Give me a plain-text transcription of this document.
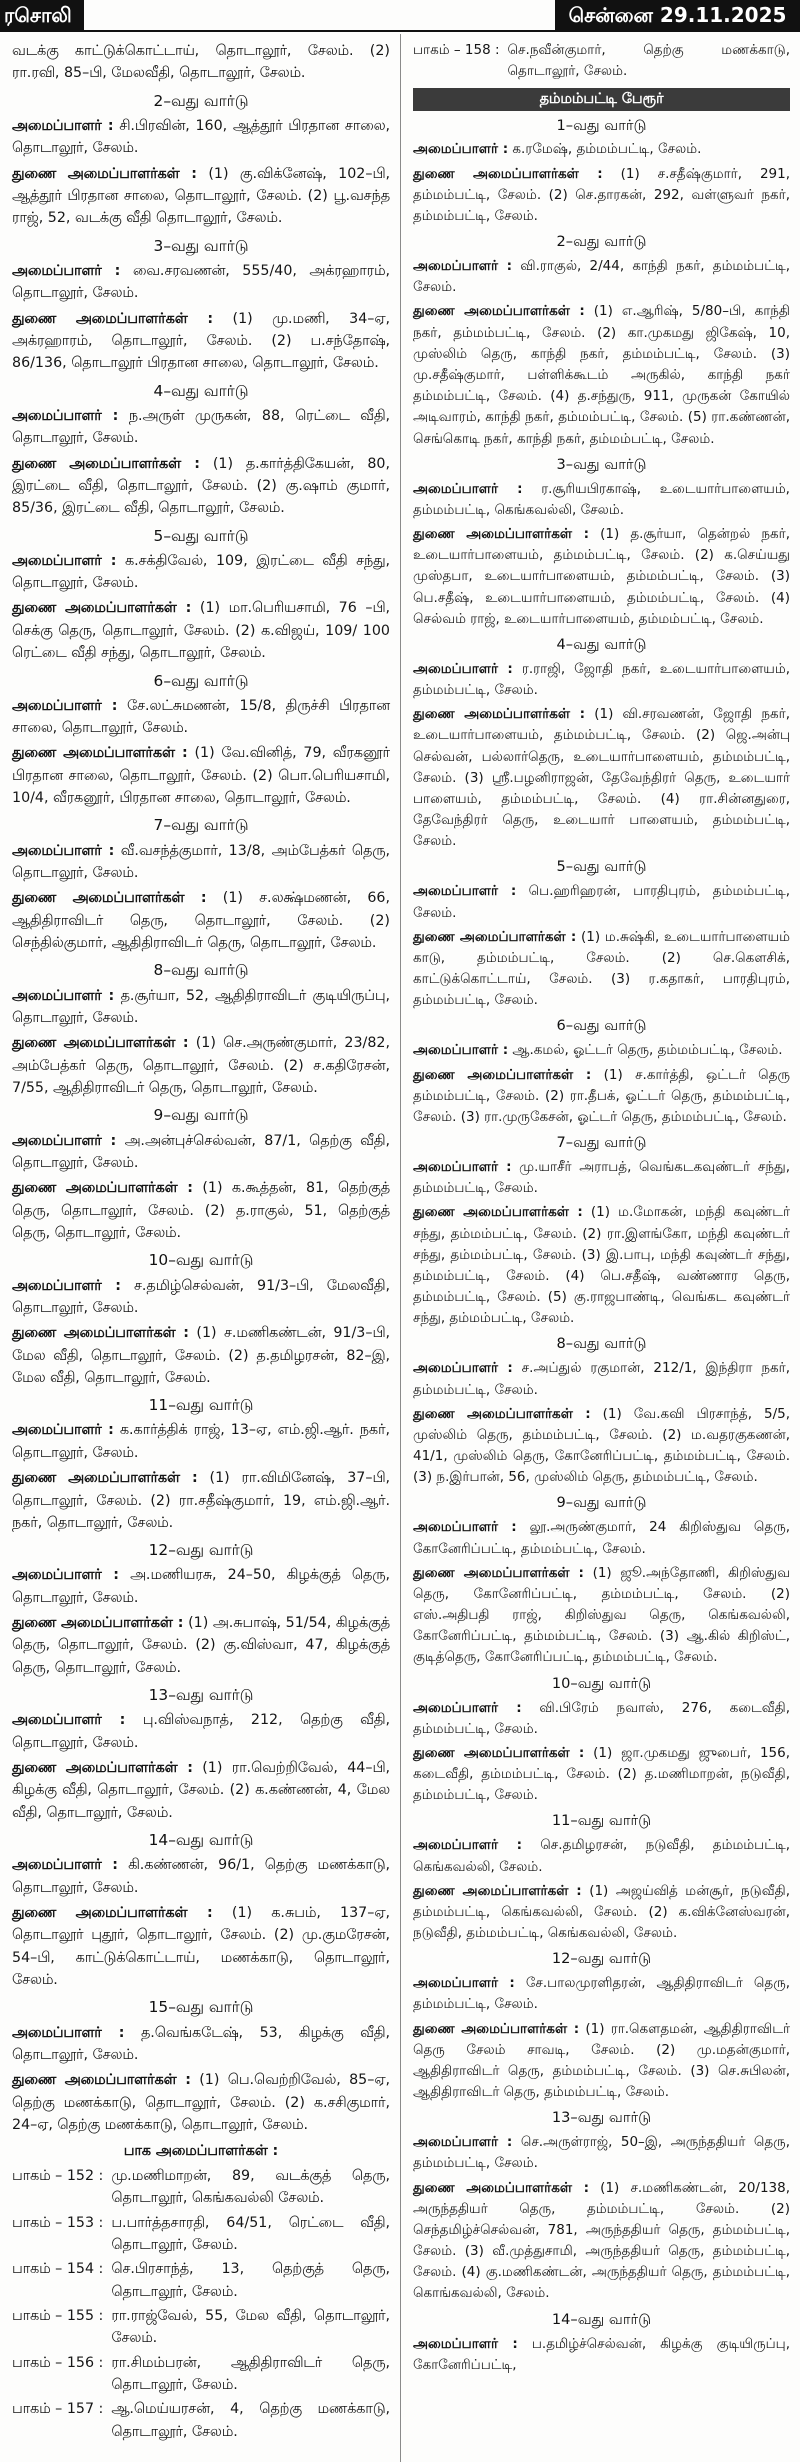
ரசொலி	சென்னை 29.11.2025

வடக்கு காட்டுக்கொட்டாய், தொடாலூர், சேலம். (2) ரா.ரவி, 85–பி, மேலவீதி, தொடாலூர், சேலம்.

2–வது வார்டு

அமைப்பாளர் : சி.பிரவின், 160, ஆத்தூர் பிரதான சாலை, தொடாலூர், சேலம்.

துணை அமைப்பாளர்கள் : (1) கு.விக்னேஷ், 102–பி, ஆத்தூர் பிரதான சாலை, தொடாலூர், சேலம். (2) பூ.வசந்த ராஜ், 52, வடக்கு வீதி தொடாலூர், சேலம்.

3–வது வார்டு

அமைப்பாளர் : வை.சரவணன், 555/40, அக்ரஹாரம், தொடாலூர், சேலம்.

துணை அமைப்பாளர்கள் : (1) மு.மணி, 34–ஏ, அக்ரஹாரம், தொடாலூர், சேலம். (2) ப.சந்தோஷ், 86/136, தொடாலூர் பிரதான சாலை, தொடாலூர், சேலம்.

4–வது வார்டு

அமைப்பாளர் : ந.அருள் முருகன், 88, ரெட்டை வீதி, தொடாலூர், சேலம்.

துணை அமைப்பாளர்கள் : (1) த.கார்த்திகேயன், 80, இரட்டை வீதி, தொடாலூர், சேலம். (2) கு.ஷாம் குமார், 85/36, இரட்டை வீதி, தொடாலூர், சேலம்.

5–வது வார்டு

அமைப்பாளர் : க.சக்திவேல், 109, இரட்டை வீதி சந்து, தொடாலூர், சேலம்.

துணை அமைப்பாளர்கள் : (1) மா.பெரியசாமி, 76 –பி, செக்கு தெரு, தொடாலூர், சேலம். (2) க.விஜய், 109/ 100 ரெட்டை வீதி சந்து, தொடாலூர், சேலம்.

6–வது வார்டு

அமைப்பாளர் : சே.லட்சுமணன், 15/8, திருச்சி பிரதான சாலை, தொடாலூர், சேலம்.

துணை அமைப்பாளர்கள் : (1) வே.வினித், 79, வீரகனூர் பிரதான சாலை, தொடாலூர், சேலம். (2) பொ.பெரியசாமி, 10/4, வீரகனூர், பிரதான சாலை, தொடாலூர், சேலம்.

7–வது வார்டு

அமைப்பாளர் : வீ.வசந்த்குமார், 13/8, அம்பேத்கர் தெரு, தொடாலூர், சேலம்.

துணை அமைப்பாளர்கள் : (1) ச.லக்ஷ்மணன், 66, ஆதிதிராவிடர் தெரு, தொடாலூர், சேலம். (2) செந்தில்குமார், ஆதிதிராவிடர் தெரு, தொடாலூர், சேலம்.

8–வது வார்டு

அமைப்பாளர் : த.சூர்யா, 52, ஆதிதிராவிடர் குடியிருப்பு, தொடாலூர், சேலம்.

துணை அமைப்பாளர்கள் : (1) செ.அருண்குமார், 23/82, அம்பேத்கர் தெரு, தொடாலூர், சேலம். (2) ச.கதிரேசன், 7/55, ஆதிதிராவிடர் தெரு, தொடாலூர், சேலம்.

9–வது வார்டு

அமைப்பாளர் : அ.அன்புச்செல்வன், 87/1, தெற்கு வீதி, தொடாலூர், சேலம்.

துணை அமைப்பாளர்கள் : (1) க.கூத்தன், 81, தெற்குத் தெரு, தொடாலூர், சேலம். (2) த.ராகுல், 51, தெற்குத் தெரு, தொடாலூர், சேலம்.

10–வது வார்டு

அமைப்பாளர் : ச.தமிழ்செல்வன், 91/3–பி, மேலவீதி, தொடாலூர், சேலம்.

துணை அமைப்பாளர்கள் : (1) ச.மணிகண்டன், 91/3–பி, மேல வீதி, தொடாலூர், சேலம். (2) த.தமிழரசன், 82–இ, மேல வீதி, தொடாலூர், சேலம்.

11–வது வார்டு

அமைப்பாளர் : க.கார்த்திக் ராஜ், 13–ஏ, எம்.ஜி.ஆர். நகர், தொடாலூர், சேலம்.

துணை அமைப்பாளர்கள் : (1) ரா.விமினேஷ், 37–பி, தொடாலூர், சேலம். (2) ரா.சதீஷ்குமார், 19, எம்.ஜி.ஆர். நகர், தொடாலூர், சேலம்.

12–வது வார்டு

அமைப்பாளர் : அ.மணியரசு, 24–50, கிழக்குத் தெரு, தொடாலூர், சேலம்.

துணை அமைப்பாளர்கள் : (1) அ.சுபாஷ், 51/54, கிழக்குத் தெரு, தொடாலூர், சேலம். (2) கு.விஸ்வா, 47, கிழக்குத் தெரு, தொடாலூர், சேலம்.

13–வது வார்டு

அமைப்பாளர் : பு.விஸ்வநாத், 212, தெற்கு வீதி, தொடாலூர், சேலம்.

துணை அமைப்பாளர்கள் : (1) ரா.வெற்றிவேல், 44–பி, கிழக்கு வீதி, தொடாலூர், சேலம். (2) க.கண்ணன், 4, மேல வீதி, தொடாலூர், சேலம்.

14–வது வார்டு

அமைப்பாளர் : கி.கண்ணன், 96/1, தெற்கு மணக்காடு, தொடாலூர், சேலம்.

துணை அமைப்பாளர்கள் : (1) க.சுபம், 137–ஏ, தொடாலூர் புதூர், தொடாலூர், சேலம். (2) மு.குமரேசன், 54–பி, காட்டுக்கொட்டாய், மணக்காடு, தொடாலூர், சேலம்.

15–வது வார்டு

அமைப்பாளர் : த.வெங்கடேஷ், 53, கிழக்கு வீதி, தொடாலூர், சேலம்.

துணை அமைப்பாளர்கள் : (1) பெ.வெற்றிவேல், 85–ஏ, தெற்கு மணக்காடு, தொடாலூர், சேலம். (2) க.சசிகுமார், 24–ஏ, தெற்கு மணக்காடு, தொடாலூர், சேலம்.

பாக அமைப்பாளர்கள் :
பாகம் – 152 : மு.மணிமாறன், 89, வடக்குத் தெரு, தொடாலூர், கெங்கவல்லி சேலம்.
பாகம் – 153 : ப.பார்த்தசாரதி, 64/51, ரெட்டை வீதி, தொடாலூர், சேலம்.
பாகம் – 154 : செ.பிரசாந்த், 13, தெற்குத் தெரு, தொடாலூர், சேலம்.
பாகம் – 155 : ரா.ராஜ்வேல், 55, மேல வீதி, தொடாலூர், சேலம்.
பாகம் – 156 : ரா.சிமம்பரன், ஆதிதிராவிடர் தெரு, தொடாலூர், சேலம்.
பாகம் – 157 : ஆ.மெய்யரசன், 4, தெற்கு மணக்காடு, தொடாலூர், சேலம்.
பாகம் – 158 : செ.நவீன்குமார், தெற்கு மணக்காடு, தொடாலூர், சேலம்.
தம்மம்பட்டி பேரூர்
1–வது வார்டு

அமைப்பாளர் : க.ரமேஷ், தம்மம்பட்டி, சேலம்.

துணை அமைப்பாளர்கள் : (1) ச.சதீஷ்குமார், 291, தம்மம்பட்டி, சேலம். (2) செ.தாரகன், 292, வள்ளுவர் நகர், தம்மம்பட்டி, சேலம்.

2–வது வார்டு

அமைப்பாளர் : வி.ராகுல், 2/44, காந்தி நகர், தம்மம்பட்டி, சேலம்.

துணை அமைப்பாளர்கள் : (1) எ.ஆரிஷ், 5/80–பி, காந்தி நகர், தம்மம்பட்டி, சேலம். (2) கா.முகமது ஜிகேஷ், 10, முஸ்லிம் தெரு, காந்தி நகர், தம்மம்பட்டி, சேலம். (3) மு.சதீஷ்குமார், பள்ளிக்கூடம் அருகில், காந்தி நகர் தம்மம்பட்டி, சேலம். (4) த.சந்துரு, 911, முருகன் கோயில் அடிவாரம், காந்தி நகர், தம்மம்பட்டி, சேலம். (5) ரா.கண்ணன், செங்கொடி நகர், காந்தி நகர், தம்மம்பட்டி, சேலம்.

3–வது வார்டு

அமைப்பாளர் : ர.சூரியபிரகாஷ், உடையார்பாளையம், தம்மம்பட்டி, கெங்கவல்லி, சேலம்.

துணை அமைப்பாளர்கள் : (1) த.சூர்யா, தென்றல் நகர், உடையார்பாளையம், தம்மம்பட்டி, சேலம். (2) க.செய்யது முஸ்தபா, உடையார்பாளையம், தம்மம்பட்டி, சேலம். (3) பெ.சதீஷ், உடையார்பாளையம், தம்மம்பட்டி, சேலம். (4) செல்வம் ராஜ், உடையார்பாளையம், தம்மம்பட்டி, சேலம்.

4–வது வார்டு

அமைப்பாளர் : ர.ராஜி, ஜோதி நகர், உடையார்பாளையம், தம்மம்பட்டி, சேலம்.

துணை அமைப்பாளர்கள் : (1) வி.சரவணன், ஜோதி நகர், உடையார்பாளையம், தம்மம்பட்டி, சேலம். (2) ஜெ.அன்பு செல்வன், பல்லார்தெரு, உடையார்பாளையம், தம்மம்பட்டி, சேலம். (3) ஸ்ரீ.பழனிராஜன், தேவேந்திரர் தெரு, உடையார் பாளையம், தம்மம்பட்டி, சேலம். (4) ரா.சின்னதுரை, தேவேந்திரர் தெரு, உடையார் பாளையம், தம்மம்பட்டி, சேலம்.

5–வது வார்டு

அமைப்பாளர் : பெ.ஹரிஹரன், பாரதிபுரம், தம்மம்பட்டி, சேலம்.

துணை அமைப்பாளர்கள் : (1) ம.சுஷ்கி, உடையார்பாளையம் காடு, தம்மம்பட்டி, சேலம். (2) செ.கௌசிக், காட்டுக்கொட்டாய், சேலம். (3) ர.கதாகர், பாரதிபுரம், தம்மம்பட்டி, சேலம்.

6–வது வார்டு

அமைப்பாளர் : ஆ.கமல், ஓட்டர் தெரு, தம்மம்பட்டி, சேலம்.

துணை அமைப்பாளர்கள் : (1) ச.கார்த்தி, ஒட்டர் தெரு தம்மம்பட்டி, சேலம். (2) ரா.தீபக், ஓட்டர் தெரு, தம்மம்பட்டி, சேலம். (3) ரா.முருகேசன், ஓட்டர் தெரு, தம்மம்பட்டி, சேலம்.

7–வது வார்டு

அமைப்பாளர் : மு.யாசீர் அராபத், வெங்கடகவுண்டர் சந்து, தம்மம்பட்டி, சேலம்.

துணை அமைப்பாளர்கள் : (1) ம.மோகன், மந்தி கவுண்டர் சந்து, தம்மம்பட்டி, சேலம். (2) ரா.இளங்கோ, மந்தி கவுண்டர் சந்து, தம்மம்பட்டி, சேலம். (3) இ.பாபு, மந்தி கவுண்டர் சந்து, தம்மம்பட்டி, சேலம். (4) பெ.சதீஷ், வண்ணார தெரு, தம்மம்பட்டி, சேலம். (5) கு.ராஜபாண்டி, வெங்கட கவுண்டர் சந்து, தம்மம்பட்டி, சேலம்.

8–வது வார்டு

அமைப்பாளர் : ச.அப்துல் ரகுமான், 212/1, இந்திரா நகர், தம்மம்பட்டி, சேலம்.

துணை அமைப்பாளர்கள் : (1) வே.கவி பிரசாந்த், 5/5, முஸ்லிம் தெரு, தம்மம்பட்டி, சேலம். (2) ம.வதரகுகணன், 41/1, முஸ்லிம் தெரு, கோனேரிப்பட்டி, தம்மம்பட்டி, சேலம். (3) ந.இர்பான், 56, முஸ்லிம் தெரு, தம்மம்பட்டி, சேலம்.

9–வது வார்டு

அமைப்பாளர் : லூ.அருண்குமார், 24 கிறிஸ்துவ தெரு, கோனேரிப்பட்டி, தம்மம்பட்டி, சேலம்.

துணை அமைப்பாளர்கள் : (1) ஜூ.அந்தோணி, கிறிஸ்துவ தெரு, கோனேரிப்பட்டி, தம்மம்பட்டி, சேலம். (2) எஸ்.அதிபதி ராஜ், கிறிஸ்துவ தெரு, கெங்கவல்லி, கோனேரிப்பட்டி, தம்மம்பட்டி, சேலம். (3) ஆ.கில் கிறிஸ்ட், குடித்தெரு, கோனேரிப்பட்டி, தம்மம்பட்டி, சேலம்.

10–வது வார்டு

அமைப்பாளர் : வி.பிரேம் நவாஸ், 276, கடைவீதி, தம்மம்பட்டி, சேலம்.

துணை அமைப்பாளர்கள் : (1) ஜா.முகமது ஜுபைர், 156, கடைவீதி, தம்மம்பட்டி, சேலம். (2) த.மணிமாறன், நடுவீதி, தம்மம்பட்டி, சேலம்.

11–வது வார்டு

அமைப்பாளர் : செ.தமிழரசன், நடுவீதி, தம்மம்பட்டி, கெங்கவல்லி, சேலம்.

துணை அமைப்பாளர்கள் : (1) அஜய்வித் மன்சூர், நடுவீதி, தம்மம்பட்டி, கெங்கவல்லி, சேலம். (2) க.விக்னேஸ்வரன், நடுவீதி, தம்மம்பட்டி, கெங்கவல்லி, சேலம்.

12–வது வார்டு

அமைப்பாளர் : சே.பாலமுரளிதரன், ஆதிதிராவிடர் தெரு, தம்மம்பட்டி, சேலம்.

துணை அமைப்பாளர்கள் : (1) ரா.கௌதமன், ஆதிதிராவிடர் தெரு சேலம் சாவடி, சேலம். (2) மு.மதன்குமார், ஆதிதிராவிடர் தெரு, தம்மம்பட்டி, சேலம். (3) செ.சுபிலன், ஆதிதிராவிடர் தெரு, தம்மம்பட்டி, சேலம்.

13–வது வார்டு

அமைப்பாளர் : செ.அருள்ராஜ், 50–இ, அருந்ததியர் தெரு, தம்மம்பட்டி, சேலம்.

துணை அமைப்பாளர்கள் : (1) ச.மணிகண்டன், 20/138, அருந்ததியர் தெரு, தம்மம்பட்டி, சேலம். (2) செந்தமிழ்ச்செல்வன், 781, அருந்ததியர் தெரு, தம்மம்பட்டி, சேலம். (3) வீ.முத்துசாமி, அருந்ததியர் தெரு, தம்மம்பட்டி, சேலம். (4) கு.மணிகண்டன், அருந்ததியர் தெரு, தம்மம்பட்டி, கொங்கவல்லி, சேலம்.

14–வது வார்டு

அமைப்பாளர் : ப.தமிழ்ச்செல்வன், கிழக்கு குடியிருப்பு, கோனேரிப்பட்டி,
